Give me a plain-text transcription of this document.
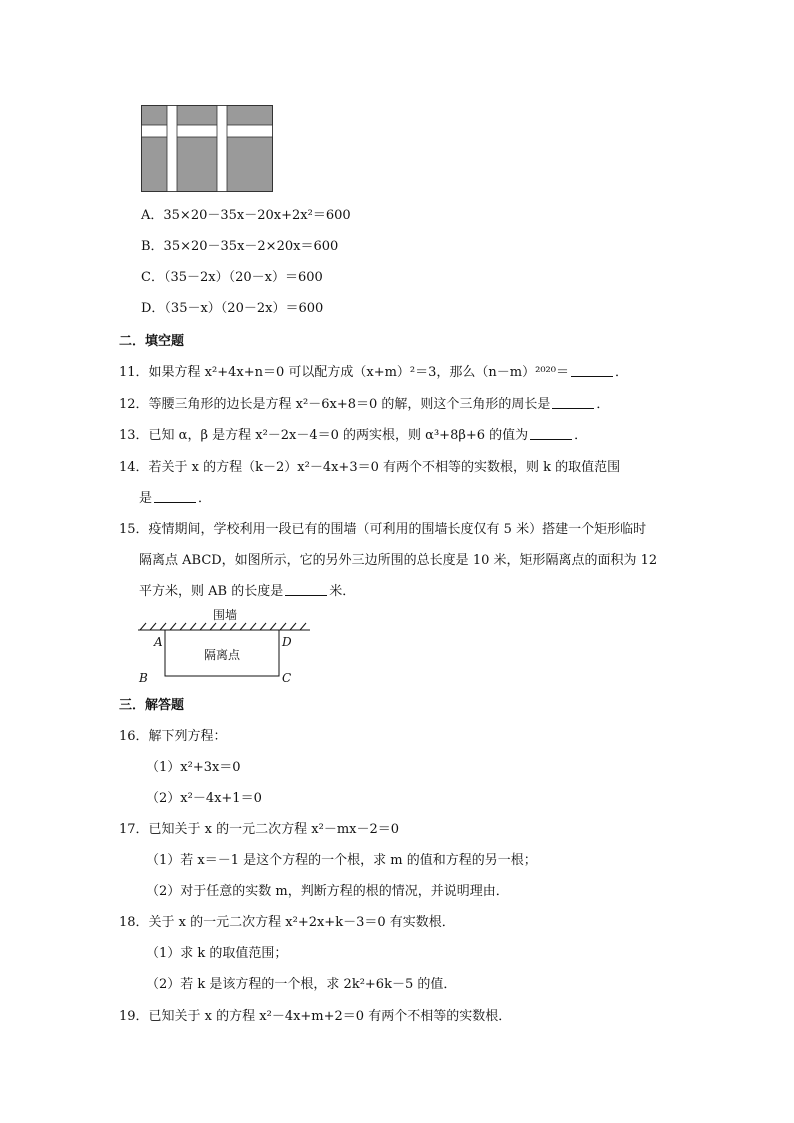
A．35×20－35x－20x+2x²＝600
B．35×20－35x－2×20x＝600
C．（35－2x）（20－x）＝600
D．（35－x）（20－2x）＝600
二．填空题
11．如果方程 x²+4x+n＝0 可以配方成（x+m）²＝3，那么（n－m）²⁰²⁰＝	．
12．等腰三角形的边长是方程 x²－6x+8＝0 的解，则这个三角形的周长是	．
13．已知 α，β 是方程 x²－2x－4＝0 的两实根，则 α³+8β+6 的值为	．
14．若关于 x 的方程（k－2）x²－4x+3＝0 有两个不相等的实数根，则 k 的取值范围
是	．
15．疫情期间，学校利用一段已有的围墙（可利用的围墙长度仅有 5 米）搭建一个矩形临时
隔离点 ABCD，如图所示，它的另外三边所围的总长度是 10 米，矩形隔离点的面积为 12
平方米，则 AB 的长度是	米．
围墙
隔离点
A	D
B	C
三．解答题
16．解下列方程：
（1）x²+3x＝0
（2）x²－4x+1＝0
17．已知关于 x 的一元二次方程 x²－mx－2＝0
（1）若 x＝－1 是这个方程的一个根，求 m 的值和方程的另一根；
（2）对于任意的实数 m，判断方程的根的情况，并说明理由．
18．关于 x 的一元二次方程 x²+2x+k－3＝0 有实数根．
（1）求 k 的取值范围；
（2）若 k 是该方程的一个根，求 2k²+6k－5 的值．
19．已知关于 x 的方程 x²－4x+m+2＝0 有两个不相等的实数根．
